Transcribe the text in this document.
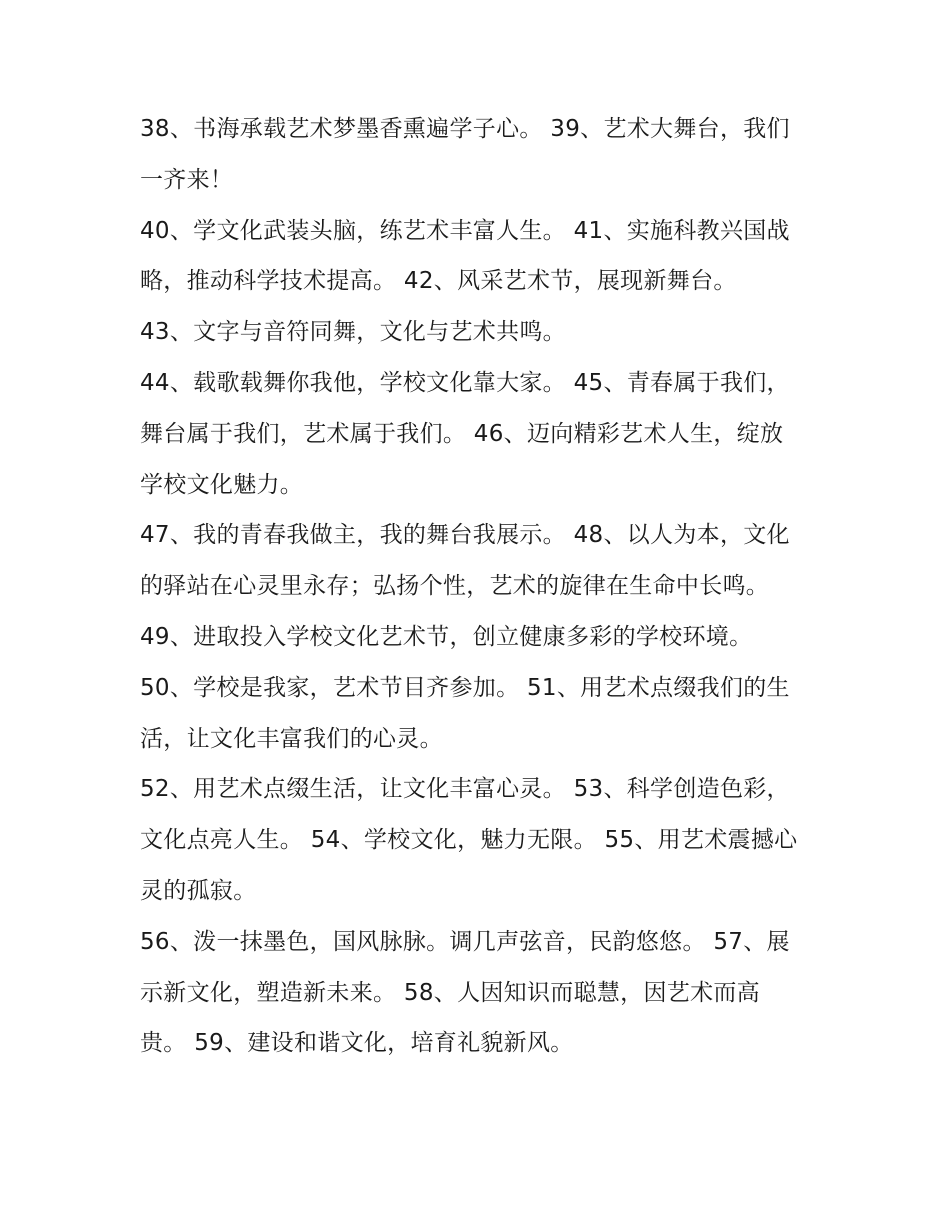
38、书海承载艺术梦墨香熏遍学子心。 39、艺术大舞台，我们一齐来！

40、学文化武装头脑，练艺术丰富人生。 41、实施科教兴国战略，推动科学技术提高。 42、风采艺术节，展现新舞台。

43、文字与音符同舞，文化与艺术共鸣。

44、载歌载舞你我他，学校文化靠大家。 45、青春属于我们，舞台属于我们，艺术属于我们。 46、迈向精彩艺术人生，绽放学校文化魅力。

47、我的青春我做主，我的舞台我展示。 48、以人为本，文化的驿站在心灵里永存；弘扬个性，艺术的旋律在生命中长鸣。

49、进取投入学校文化艺术节，创立健康多彩的学校环境。

50、学校是我家，艺术节目齐参加。 51、用艺术点缀我们的生活，让文化丰富我们的心灵。

52、用艺术点缀生活，让文化丰富心灵。 53、科学创造色彩，文化点亮人生。 54、学校文化，魅力无限。 55、用艺术震撼心灵的孤寂。

56、泼一抹墨色，国风脉脉。调几声弦音，民韵悠悠。 57、展示新文化，塑造新未来。 58、人因知识而聪慧，因艺术而高贵。 59、建设和谐文化，培育礼貌新风。
